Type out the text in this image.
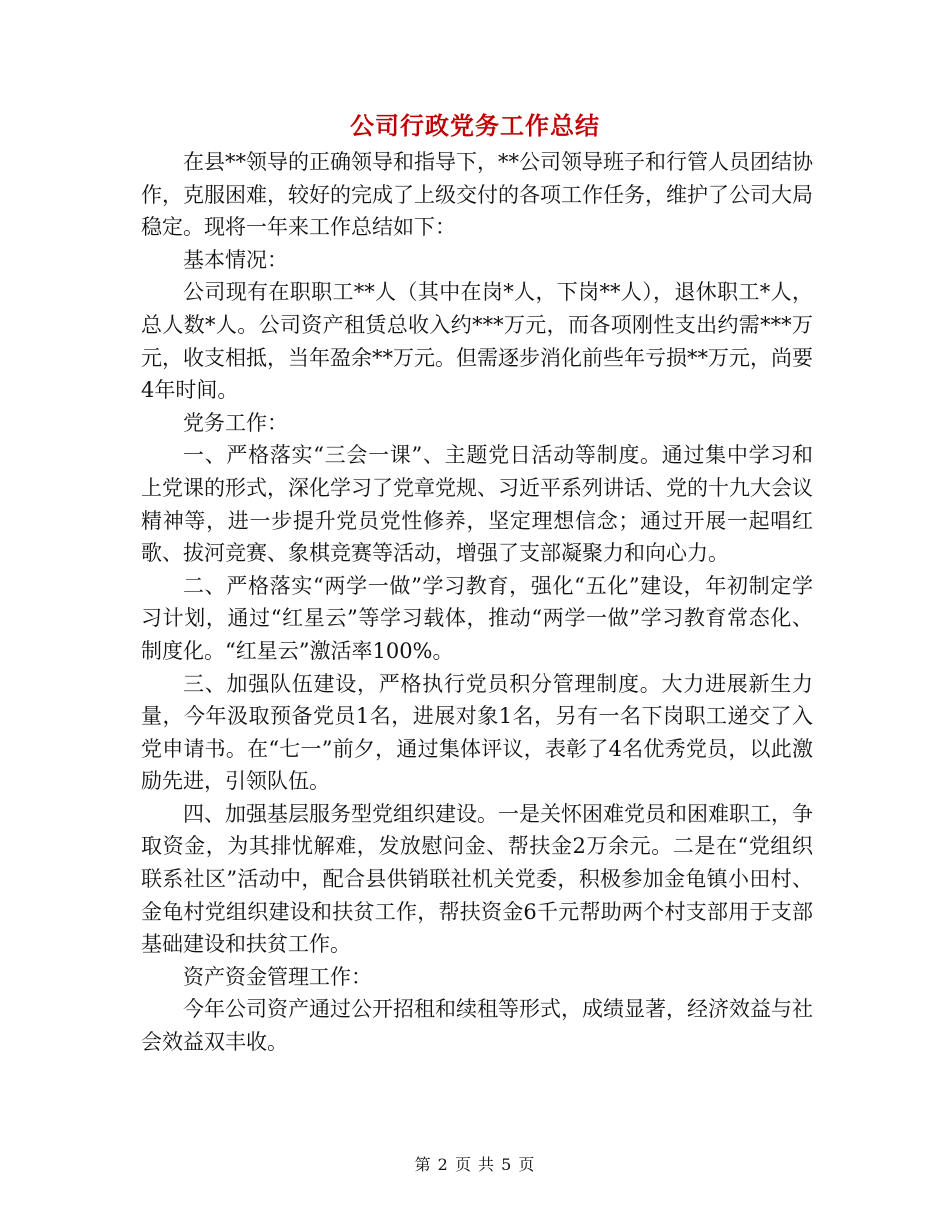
公司行政党务工作总结

在县**领导的正确领导和指导下，**公司领导班子和行管人员团结协作，克服困难，较好的完成了上级交付的各项工作任务，维护了公司大局稳定。现将一年来工作总结如下：

基本情况：

公司现有在职职工**人（其中在岗*人，下岗**人），退休职工*人，总人数*人。公司资产租赁总收入约***万元，而各项刚性支出约需***万元，收支相抵，当年盈余**万元。但需逐步消化前些年亏损**万元，尚要4年时间。

党务工作：

一、严格落实“三会一课”、主题党日活动等制度。通过集中学习和上党课的形式，深化学习了党章党规、习近平系列讲话、党的十九大会议精神等，进一步提升党员党性修养，坚定理想信念；通过开展一起唱红歌、拔河竞赛、象棋竞赛等活动，增强了支部凝聚力和向心力。

二、严格落实“两学一做”学习教育，强化“五化”建设，年初制定学习计划，通过“红星云”等学习载体，推动“两学一做”学习教育常态化、制度化。“红星云”激活率100%。

三、加强队伍建设，严格执行党员积分管理制度。大力进展新生力量，今年汲取预备党员1名，进展对象1名，另有一名下岗职工递交了入党申请书。在“七一”前夕，通过集体评议，表彰了4名优秀党员，以此激励先进，引领队伍。

四、加强基层服务型党组织建设。一是关怀困难党员和困难职工，争取资金，为其排忧解难，发放慰问金、帮扶金2万余元。二是在“党组织联系社区”活动中，配合县供销联社机关党委，积极参加金龟镇小田村、金龟村党组织建设和扶贫工作，帮扶资金6千元帮助两个村支部用于支部基础建设和扶贫工作。

资产资金管理工作：

今年公司资产通过公开招租和续租等形式，成绩显著，经济效益与社会效益双丰收。

第 2 页 共 5 页
